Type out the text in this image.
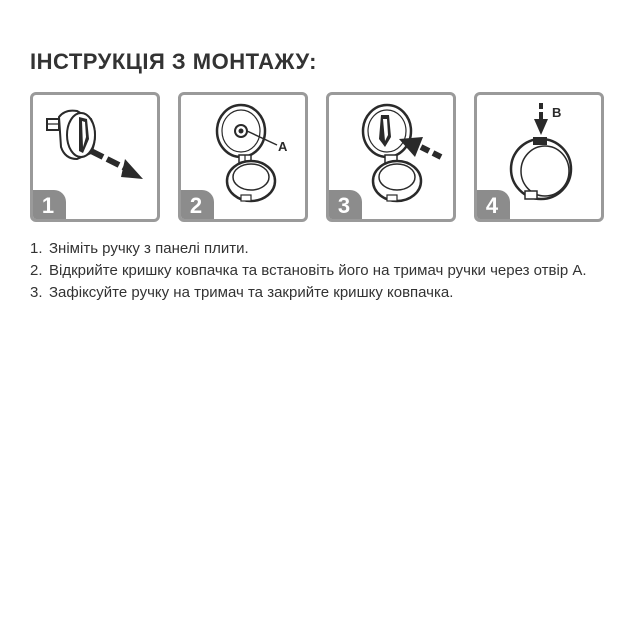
ІНСТРУКЦІЯ З МОНТАЖУ:
1
A
2	3
B
4
1. Зніміть ручку з панелі плити.
2. Відкрийте кришку ковпачка та встановіть його на тримач ручки через отвір A.
3. Зафіксуйте ручку на тримач та закрийте кришку ковпачка.
